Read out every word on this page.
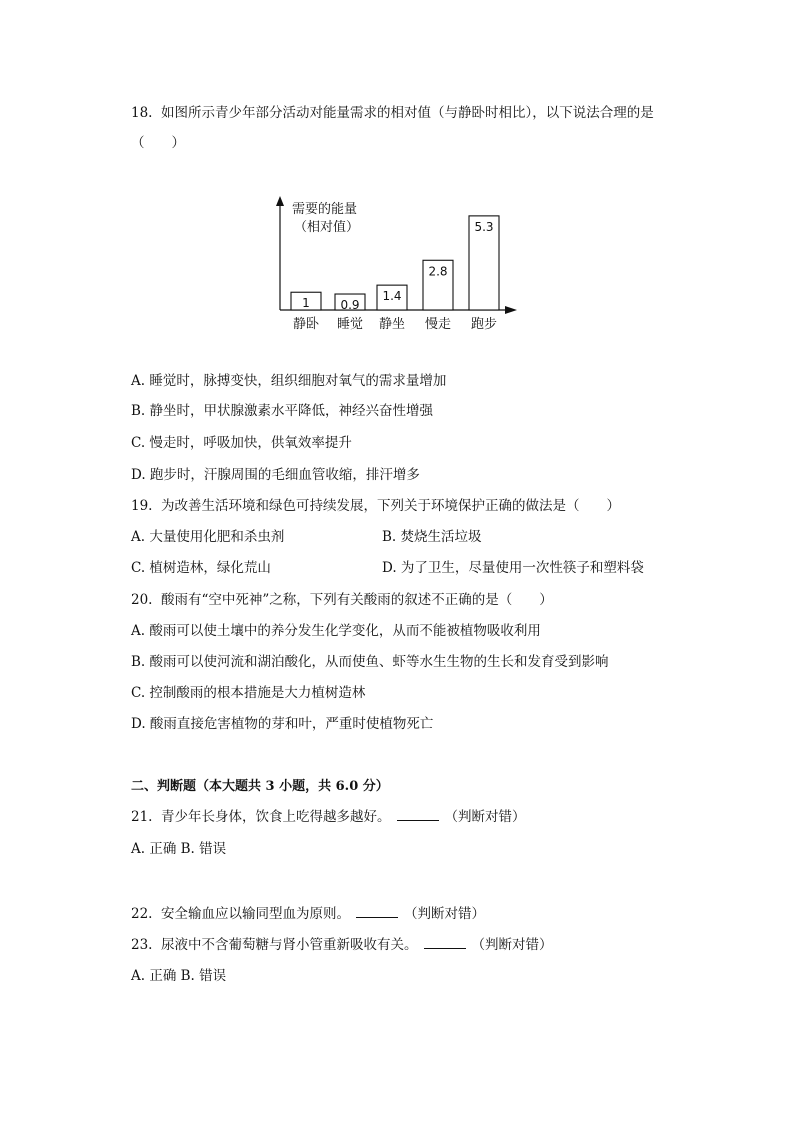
18. 如图所示青少年部分活动对能量需求的相对值（与静卧时相比），以下说法合理的是
（　　）
需要的能量
（相对值）
1
静卧
0.9
睡觉
1.4
静坐
2.8
慢走
5.3
跑步
A. 睡觉时，脉搏变快，组织细胞对氧气的需求量增加
B. 静坐时，甲状腺激素水平降低，神经兴奋性增强
C. 慢走时，呼吸加快，供氧效率提升
D. 跑步时，汗腺周围的毛细血管收缩，排汗增多
19. 为改善生活环境和绿色可持续发展，下列关于环境保护正确的做法是（　　）
A. 大量使用化肥和杀虫剂	B. 焚烧生活垃圾
C. 植树造林，绿化荒山	D. 为了卫生，尽量使用一次性筷子和塑料袋
20. 酸雨有“空中死神”之称，下列有关酸雨的叙述不正确的是（　　）
A. 酸雨可以使土壤中的养分发生化学变化，从而不能被植物吸收利用
B. 酸雨可以使河流和湖泊酸化，从而使鱼、虾等水生生物的生长和发育受到影响
C. 控制酸雨的根本措施是大力植树造林
D. 酸雨直接危害植物的芽和叶，严重时使植物死亡
二、判断题（本大题共 3 小题，共 6.0 分）
21. 青少年长身体，饮食上吃得越多越好。	（判断对错）
A. 正确 B. 错误
22. 安全输血应以输同型血为原则。	（判断对错）
23. 尿液中不含葡萄糖与肾小管重新吸收有关。	（判断对错）
A. 正确 B. 错误
